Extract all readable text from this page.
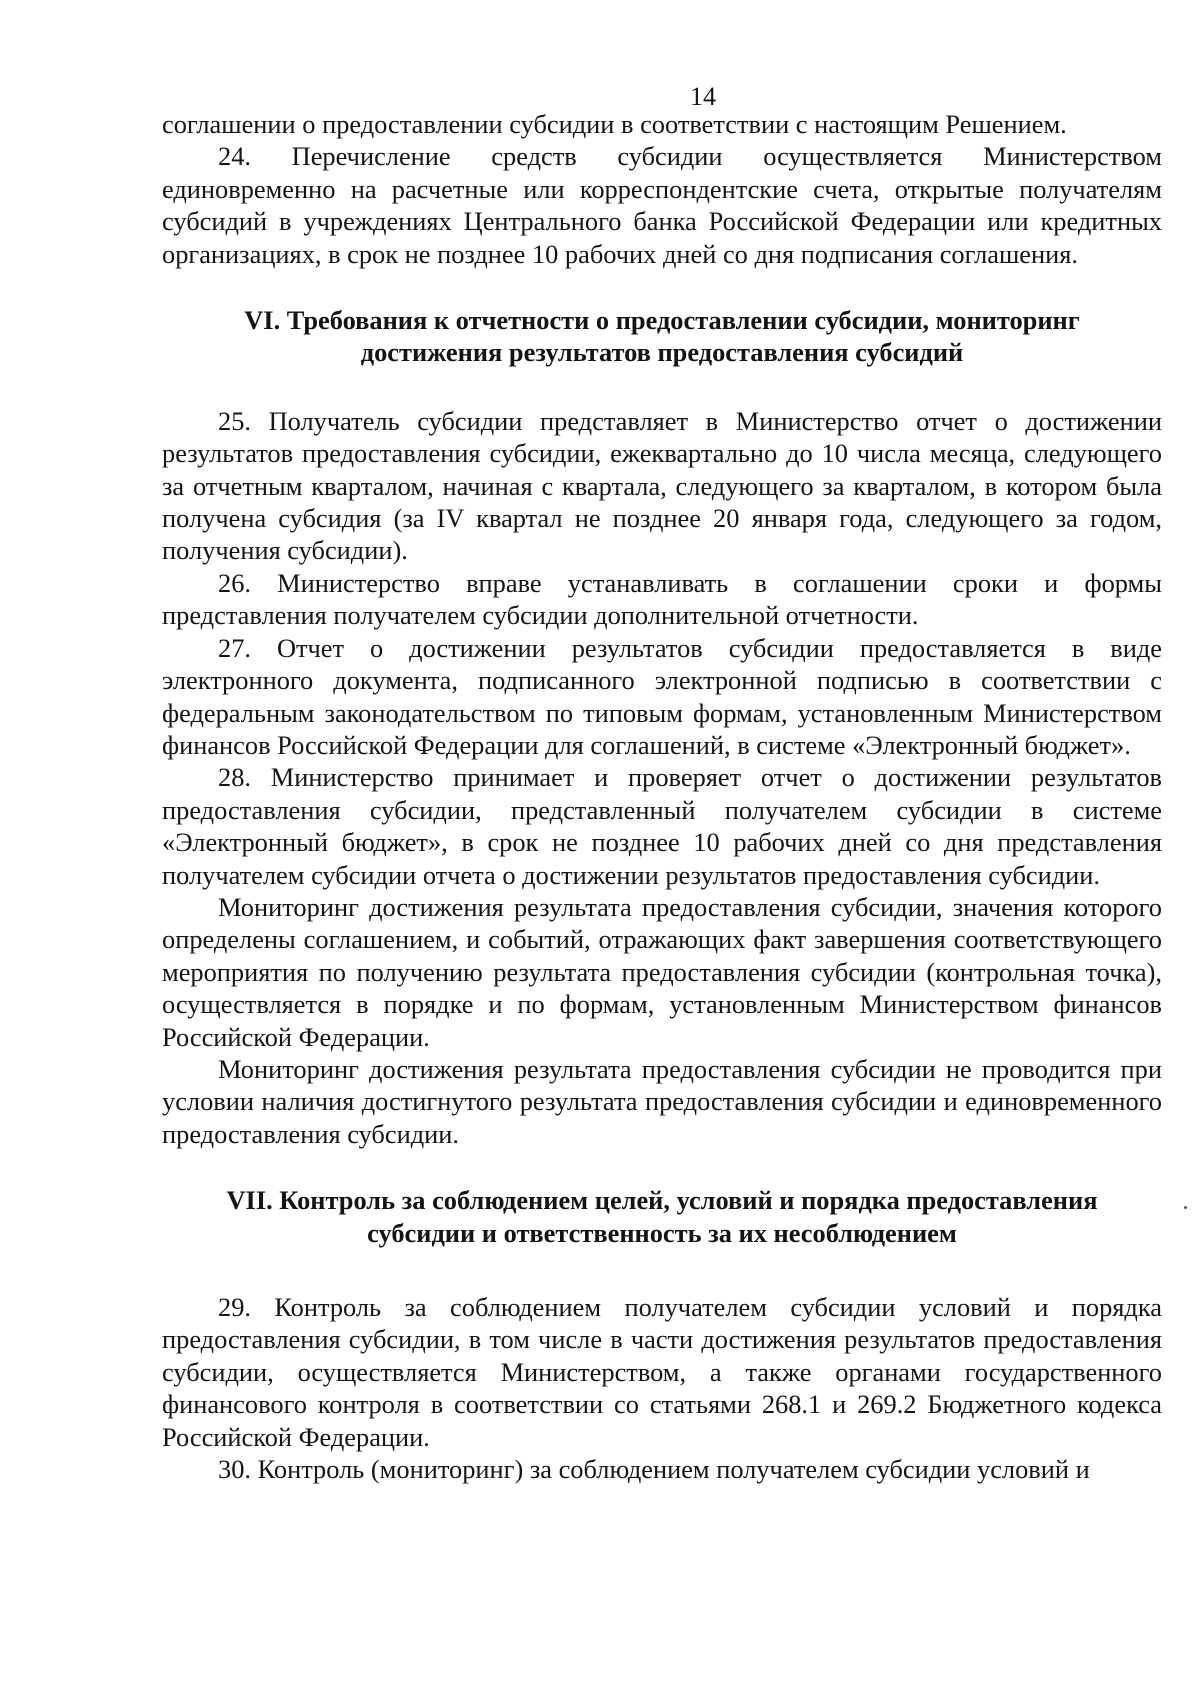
14

соглашении о предоставлении субсидии в соответствии с настоящим Решением.

24. Перечисление средств субсидии осуществляется Министерством единовременно на расчетные или корреспондентские счета, открытые получателям субсидий в учреждениях Центрального банка Российской Федерации или кредитных организациях, в срок не позднее 10 рабочих дней со дня подписания соглашения.

VI. Требования к отчетности о предоставлении субсидии, мониторинг
достижения результатов предоставления субсидий

25. Получатель субсидии представляет в Министерство отчет о достижении результатов предоставления субсидии, ежеквартально до 10 числа месяца, следующего за отчетным кварталом, начиная с квартала, следующего за кварталом, в котором была получена субсидия (за IV квартал не позднее 20 января года, следующего за годом, получения субсидии).

26. Министерство вправе устанавливать в соглашении сроки и формы представления получателем субсидии дополнительной отчетности.

27. Отчет о достижении результатов субсидии предоставляется в виде электронного документа, подписанного электронной подписью в соответствии с федеральным законодательством по типовым формам, установленным Министерством финансов Российской Федерации для соглашений, в системе «Электронный бюджет».

28. Министерство принимает и проверяет отчет о достижении результатов предоставления субсидии, представленный получателем субсидии в системе «Электронный бюджет», в срок не позднее 10 рабочих дней со дня представления получателем субсидии отчета о достижении результатов предоставления субсидии.

Мониторинг достижения результата предоставления субсидии, значения которого определены соглашением, и событий, отражающих факт завершения соответствующего мероприятия по получению результата предоставления субсидии (контрольная точка), осуществляется в порядке и по формам, установленным Министерством финансов Российской Федерации.

Мониторинг достижения результата предоставления субсидии не проводится при условии наличия достигнутого результата предоставления субсидии и единовременного предоставления субсидии.

VII. Контроль за соблюдением целей, условий и порядка предоставления
субсидии и ответственность за их несоблюдением

29. Контроль за соблюдением получателем субсидии условий и порядка предоставления субсидии, в том числе в части достижения результатов предоставления субсидии, осуществляется Министерством, а также органами государственного финансового контроля в соответствии со статьями 268.1 и 269.2 Бюджетного кодекса Российской Федерации.

30. Контроль (мониторинг) за соблюдением получателем субсидии условий и
